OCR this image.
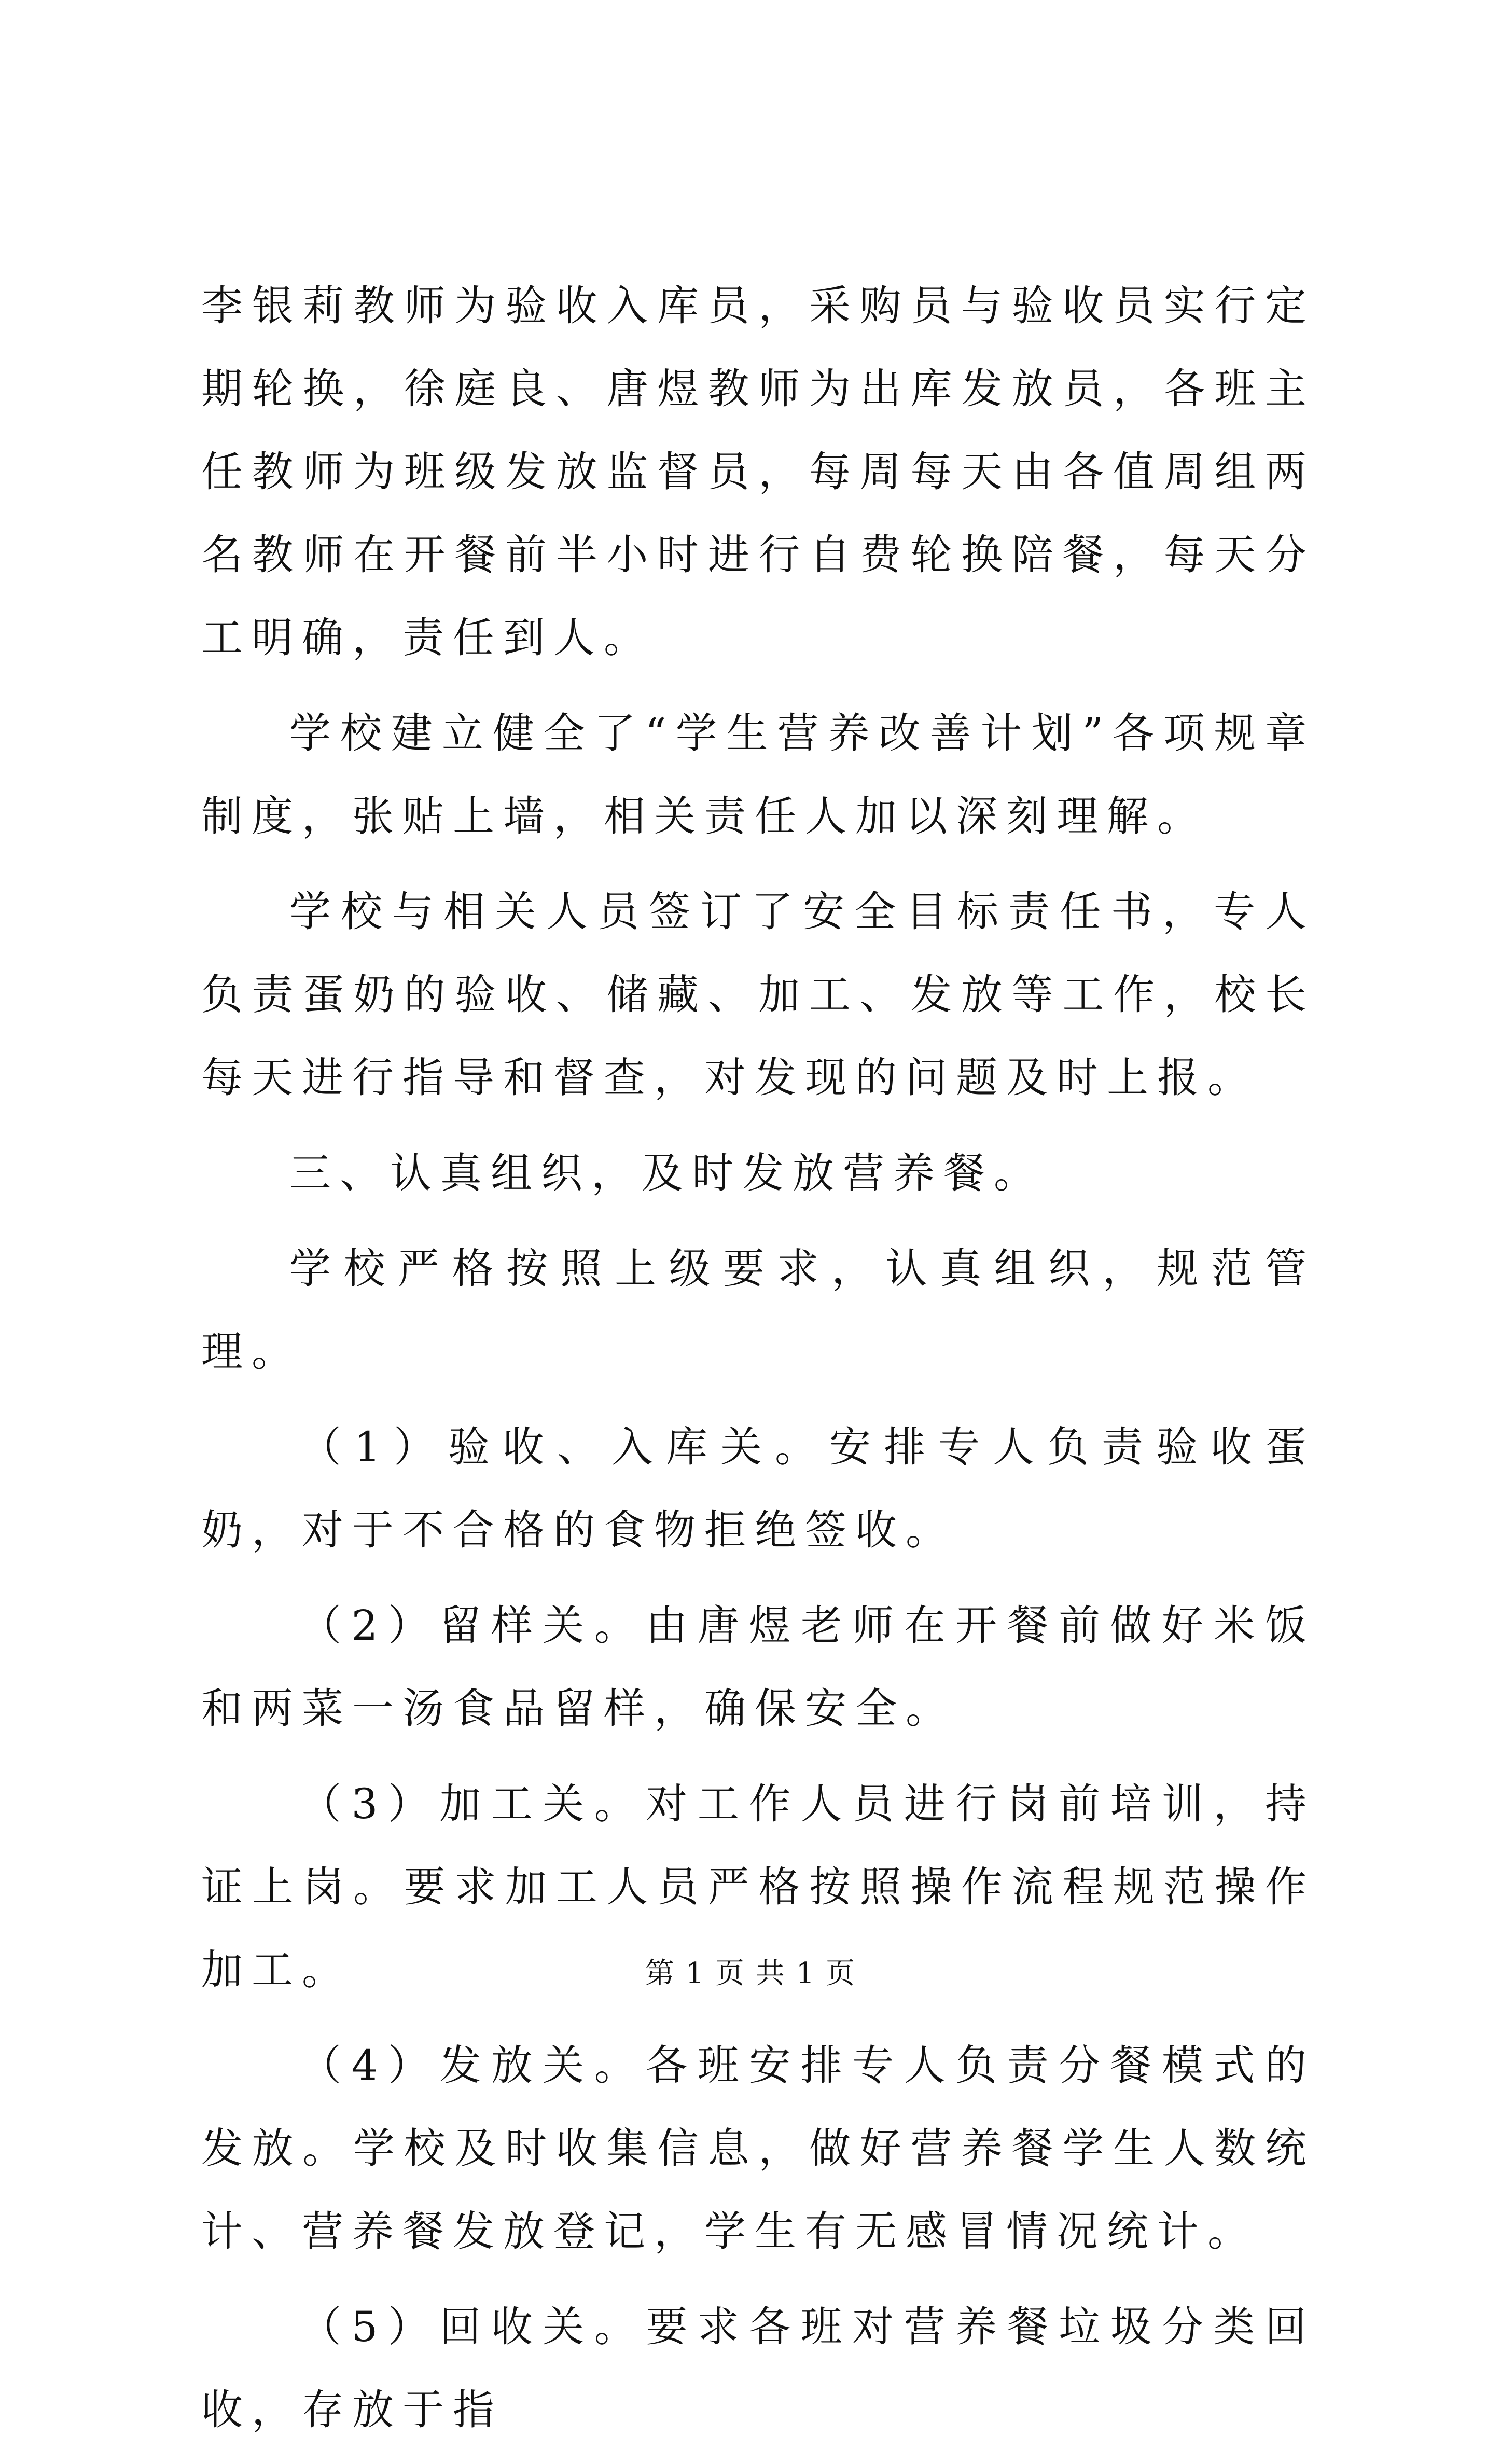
李银莉教师为验收入库员，采购员与验收员实行定期轮换，徐庭良、唐煜教师为出库发放员，各班主任教师为班级发放监督员，每周每天由各值周组两名教师在开餐前半小时进行自费轮换陪餐，每天分工明确，责任到人。

学校建立健全了“学生营养改善计划”各项规章制度，张贴上墙，相关责任人加以深刻理解。

学校与相关人员签订了安全目标责任书，专人负责蛋奶的验收、储藏、加工、发放等工作，校长每天进行指导和督查，对发现的问题及时上报。

三、认真组织，及时发放营养餐。

学校严格按照上级要求，认真组织，规范管理。

（1）验收、入库关。安排专人负责验收蛋奶，对于不合格的食物拒绝签收。

（2）留样关。由唐煜老师在开餐前做好米饭和两菜一汤食品留样，确保安全。

（3）加工关。对工作人员进行岗前培训，持证上岗。要求加工人员严格按照操作流程规范操作加工。

（4）发放关。各班安排专人负责分餐模式的发放。学校及时收集信息，做好营养餐学生人数统计、营养餐发放登记，学生有无感冒情况统计。

（5）回收关。要求各班对营养餐垃圾分类回收，存放于指

第 1 页 共 1 页
